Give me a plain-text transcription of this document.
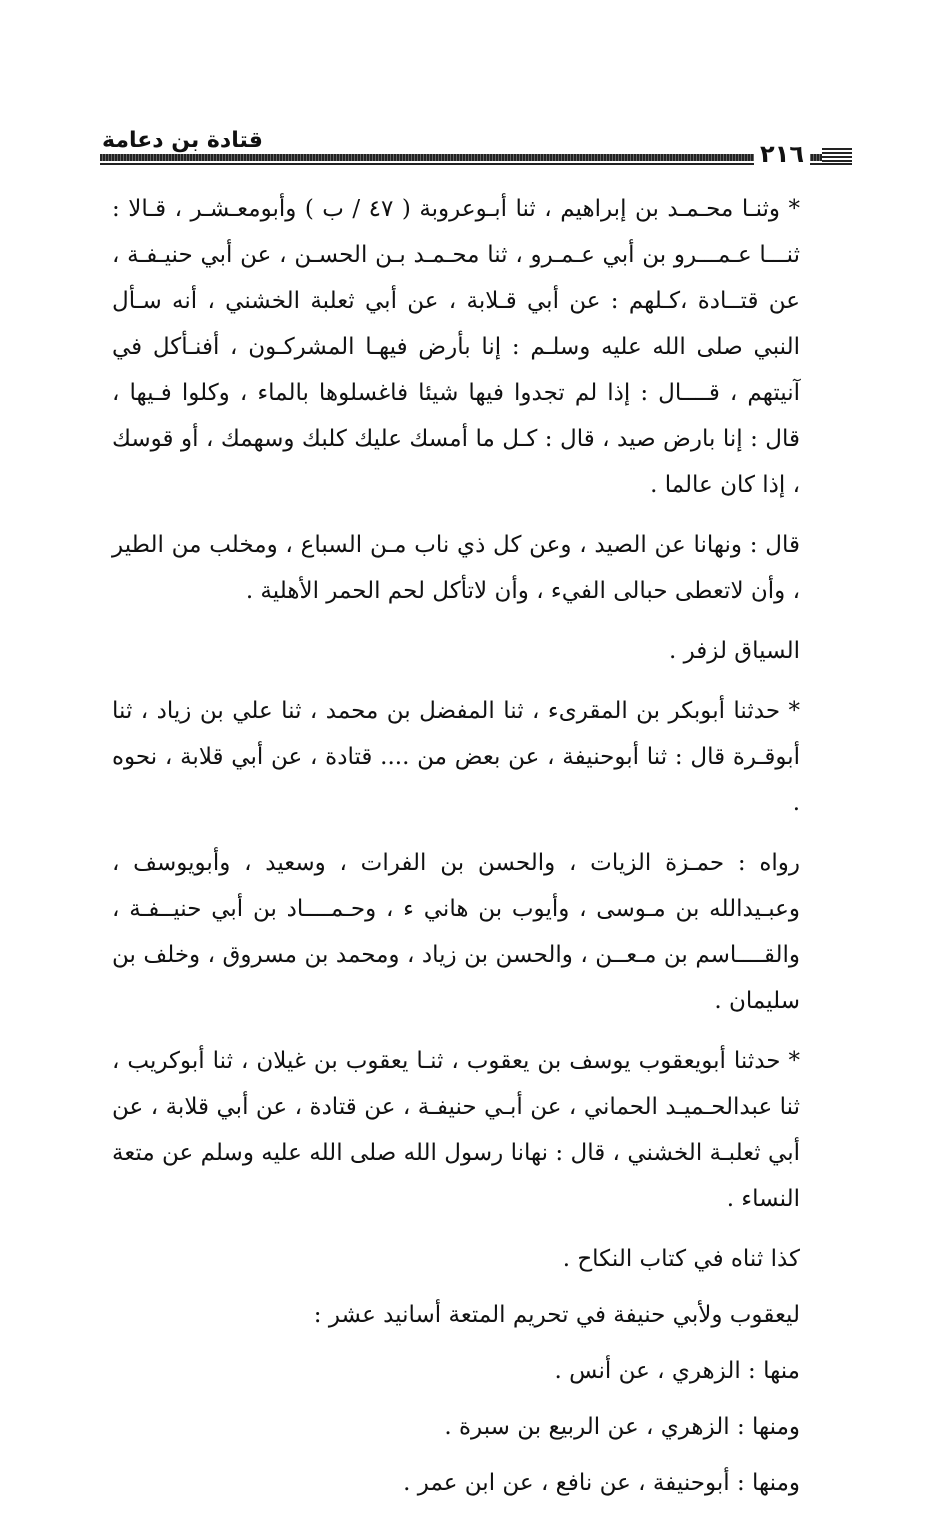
قتادة بن دعامة	٢١٦

* وثنـا محـمـد بن إبراهيم ، ثنا أبـوعروبة ( ٤٧ / ب ) وأبومعـشـر ، قـالا : ثنـــا عـمـــرو بن أبي عـمـرو ، ثنا محـمـد بـن الحسـن ، عن أبي حنيـفـة ، عن قتــادة ،كـلهم : عن أبي قـلابة ، عن أبي ثعلبة الخشني ، أنه سـأل النبي صلى الله عليه وسلـم : إنا بأرض فيهـا المشركـون ، أفنـأكل في آنيتهم ، قــــال : إذا لم تجدوا فيها شيئا فاغسلوها بالماء ، وكلوا فـيها ، قال : إنا بارض صيد ، قال : كـل ما أمسك عليك كلبك وسهمك ، أو قوسك ، إذا كان عالما .

قال : ونهانا عن الصيد ، وعن كل ذي ناب مـن السباع ، ومخلب من الطير ، وأن لاتعطى حبالى الفيء ، وأن لاتأكل لحم الحمر الأهلية .

السياق لزفر .

* حدثنا أبوبكر بن المقرىء ، ثنا المفضل بن محمد ، ثنا علي بن زياد ، ثنا أبوقـرة قال : ثنا أبوحنيفة ، عن بعض من .... قتادة ، عن أبي قلابة ، نحوه .

رواه : حمـزة الزيات ، والحسن بن الفرات ، وسعيد ، وأبويوسف ، وعبـيدالله بن مـوسى ، وأيوب بن هاني ء ، وحـمــــاد بن أبي حنيــفـة ، والقــــاسم بن مـعــن ، والحسن بن زياد ، ومحمد بن مسروق ، وخلف بن سليمان .

* حدثنا أبويعقوب يوسف بن يعقوب ، ثنـا يعقوب بن غيلان ، ثنا أبوكريب ، ثنا عبدالحـميـد الحماني ، عن أبـي حنيفـة ، عن قتادة ، عن أبي قلابة ، عن أبي ثعلبـة الخشني ، قال : نهانا رسول الله صلى الله عليه وسلم عن متعة النساء .

كذا ثناه في كتاب النكاح .

ليعقوب ولأبي حنيفة في تحريم المتعة أسانيد عشر :

منها : الزهري ، عن أنس .

ومنها : الزهري ، عن الربيع بن سبرة .

ومنها : أبوحنيفة ، عن نافع ، عن ابن عمر .
